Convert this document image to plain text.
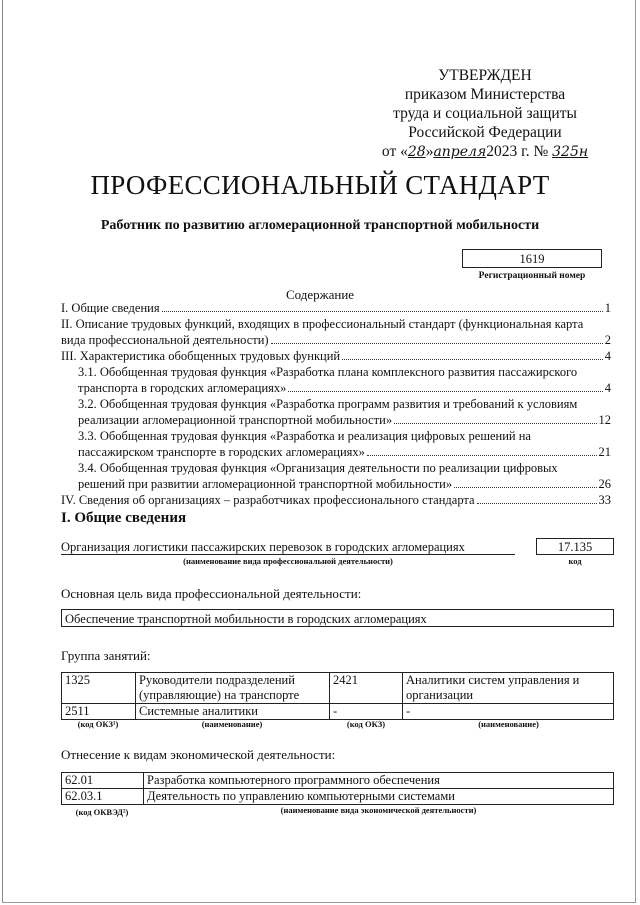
УТВЕРЖДЕН
приказом Министерства
труда и социальной защиты
Российской Федерации
от «28»апреля2023 г. № 325н
ПРОФЕССИОНАЛЬНЫЙ СТАНДАРТ
Работник по развитию агломерационной транспортной мобильности
1619
Регистрационный номер
Содержание
I. Общие сведения	1
II. Описание трудовых функций, входящих в профессиональный стандарт (функциональная карта
вида профессиональной деятельности)	2
III. Характеристика обобщенных трудовых функций	4
3.1. Обобщенная трудовая функция «Разработка плана комплексного развития пассажирского
транспорта в городских агломерациях»	4
3.2. Обобщенная трудовая функция «Разработка программ развития и требований к условиям
реализации агломерационной транспортной мобильности»	12
3.3. Обобщенная трудовая функция «Разработка и реализация цифровых решений на
пассажирском транспорте в городских агломерациях»	21
3.4. Обобщенная трудовая функция «Организация деятельности по реализации цифровых
решений при развитии агломерационной транспортной мобильности»	26
IV. Сведения об организациях – разработчиках профессионального стандарта	33
I. Общие сведения
Организация логистики пассажирских перевозок в городских агломерациях	17.135
(наименование вида профессиональной деятельности)	код
Основная цель вида профессиональной деятельности:
Обеспечение транспортной мобильности в городских агломерациях
Группа занятий:
1325	Руководители подразделений (управляющие) на транспорте	2421	Аналитики систем управления и организации
2511	Системные аналитики	-	-
(код ОКЗ¹)	(наименование)	(код ОКЗ)	(наименование)
Отнесение к видам экономической деятельности:
62.01	Разработка компьютерного программного обеспечения
62.03.1	Деятельность по управлению компьютерными системами
(код ОКВЭД²)	(наименование вида экономической деятельности)
